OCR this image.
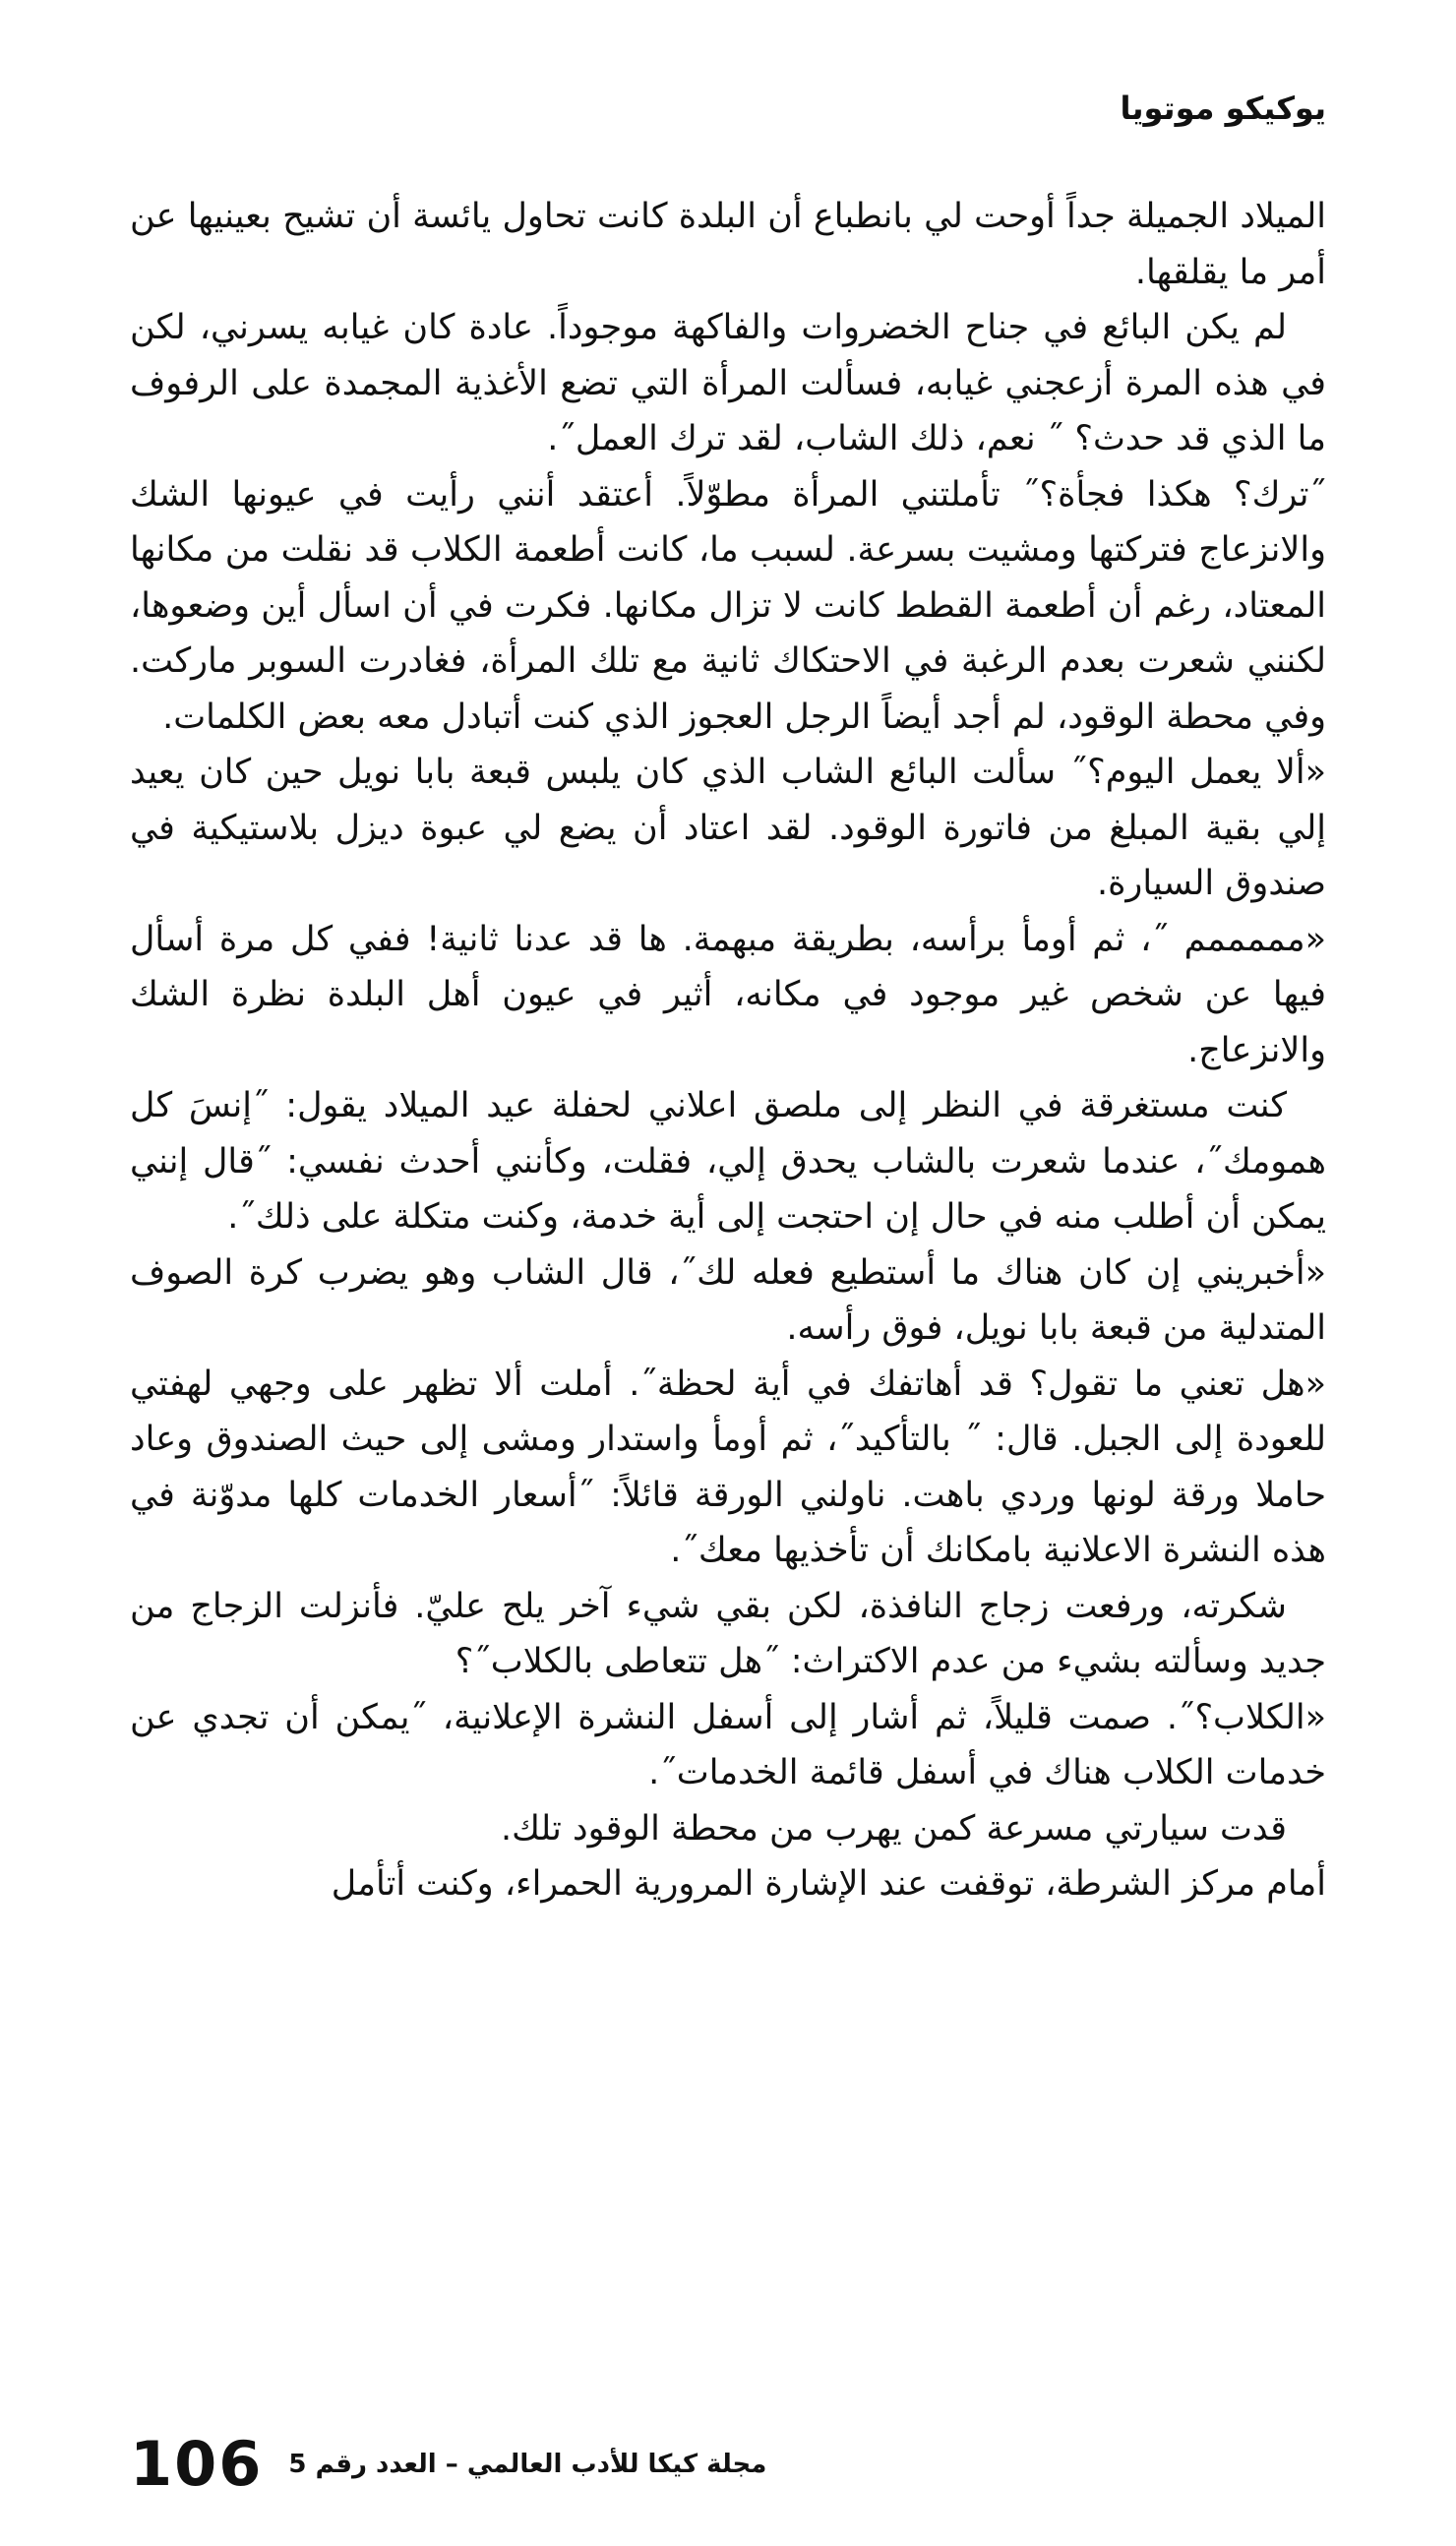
يوكيكو موتويا

الميلاد الجميلة جداً أوحت لي بانطباع أن البلدة كانت تحاول يائسة أن تشيح بعينيها عن أمر ما يقلقها.

لم يكن البائع في جناح الخضروات والفاكهة موجوداً. عادة كان غيابه يسرني، لكن في هذه المرة أزعجني غيابه، فسألت المرأة التي تضع الأغذية المجمدة على الرفوف ما الذي قد حدث؟ ˝ نعم، ذلك الشاب، لقد ترك العمل˝.

˝ترك؟ هكذا فجأة؟˝ تأملتني المرأة مطوّلاً. أعتقد أنني رأيت في عيونها الشك والانزعاج فتركتها ومشيت بسرعة. لسبب ما، كانت أطعمة الكلاب قد نقلت من مكانها المعتاد، رغم أن أطعمة القطط كانت لا تزال مكانها. فكرت في أن اسأل أين وضعوها، لكنني شعرت بعدم الرغبة في الاحتكاك ثانية مع تلك المرأة، فغادرت السوبر ماركت. وفي محطة الوقود، لم أجد أيضاً الرجل العجوز الذي كنت أتبادل معه بعض الكلمات.

«ألا يعمل اليوم؟˝ سألت البائع الشاب الذي كان يلبس قبعة بابا نويل حين كان يعيد إلي بقية المبلغ من فاتورة الوقود. لقد اعتاد أن يضع لي عبوة ديزل بلاستيكية في صندوق السيارة.

«مممممم ˝، ثم أومأ برأسه، بطريقة مبهمة. ها قد عدنا ثانية! ففي كل مرة أسأل فيها عن شخص غير موجود في مكانه، أثير في عيون أهل البلدة نظرة الشك والانزعاج.

كنت مستغرقة في النظر إلى ملصق اعلاني لحفلة عيد الميلاد يقول: ˝إنسَ كل همومك˝، عندما شعرت بالشاب يحدق إلي، فقلت، وكأنني أحدث نفسي: ˝قال إنني يمكن أن أطلب منه في حال إن احتجت إلى أية خدمة، وكنت متكلة على ذلك˝.

«أخبريني إن كان هناك ما أستطيع فعله لك˝، قال الشاب وهو يضرب كرة الصوف المتدلية من قبعة بابا نويل، فوق رأسه.

«هل تعني ما تقول؟ قد أهاتفك في أية لحظة˝. أملت ألا تظهر على وجهي لهفتي للعودة إلى الجبل. قال: ˝ بالتأكيد˝، ثم أومأ واستدار ومشى إلى حيث الصندوق وعاد حاملا ورقة لونها وردي باهت. ناولني الورقة قائلاً: ˝أسعار الخدمات كلها مدوّنة في هذه النشرة الاعلانية بامكانك أن تأخذيها معك˝.

شكرته، ورفعت زجاج النافذة، لكن بقي شيء آخر يلح عليّ. فأنزلت الزجاج من جديد وسألته بشيء من عدم الاكتراث: ˝هل تتعاطى بالكلاب˝؟

«الكلاب؟˝. صمت قليلاً، ثم أشار إلى أسفل النشرة الإعلانية، ˝يمكن أن تجدي عن خدمات الكلاب هناك في أسفل قائمة الخدمات˝.

قدت سيارتي مسرعة كمن يهرب من محطة الوقود تلك.

أمام مركز الشرطة، توقفت عند الإشارة المرورية الحمراء، وكنت أتأمل

106 مجلة كيكا للأدب العالمي – العدد رقم 5
